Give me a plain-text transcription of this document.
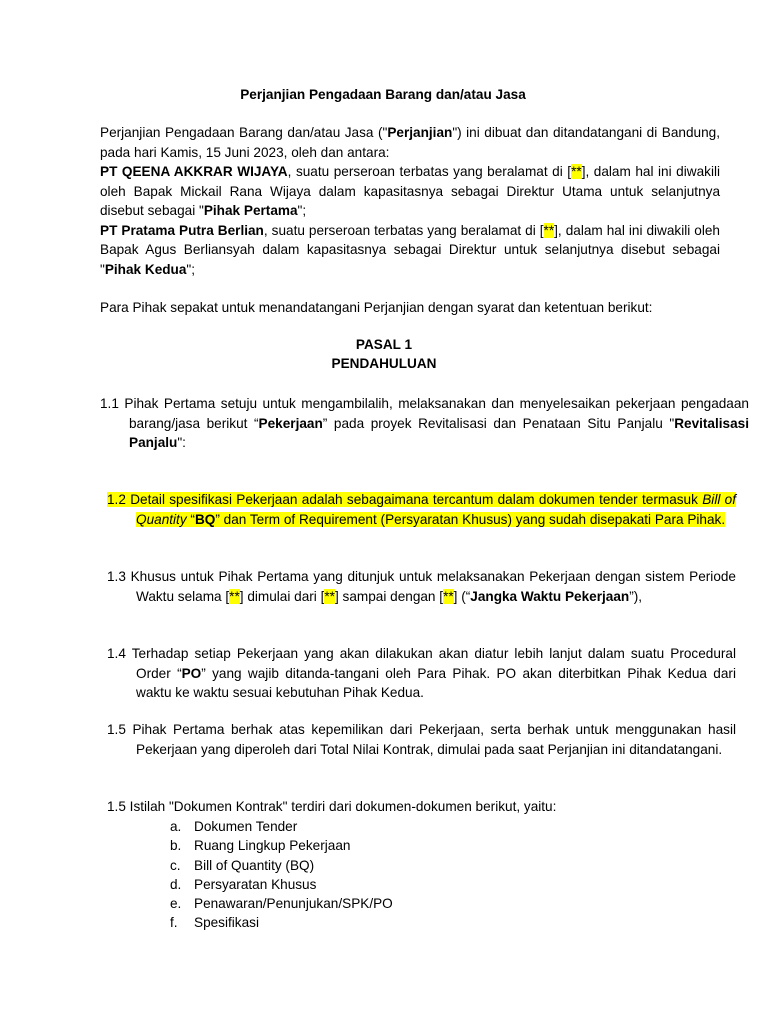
Perjanjian Pengadaan Barang dan/atau Jasa
Perjanjian Pengadaan Barang dan/atau Jasa ("Perjanjian") ini dibuat dan ditandatangani di Bandung, pada hari Kamis, 15 Juni 2023, oleh dan antara:
PT QEENA AKKRAR WIJAYA, suatu perseroan terbatas yang beralamat di [**], dalam hal ini diwakili oleh Bapak Mickail Rana Wijaya dalam kapasitasnya sebagai Direktur Utama untuk selanjutnya disebut sebagai "Pihak Pertama";
PT Pratama Putra Berlian, suatu perseroan terbatas yang beralamat di [**], dalam hal ini diwakili oleh Bapak Agus Berliansyah dalam kapasitasnya sebagai Direktur untuk selanjutnya disebut sebagai "Pihak Kedua";
Para Pihak sepakat untuk menandatangani Perjanjian dengan syarat dan ketentuan berikut:
PASAL 1
PENDAHULUAN
1.1 Pihak Pertama setuju untuk mengambilalih, melaksanakan dan menyelesaikan pekerjaan pengadaan barang/jasa berikut “Pekerjaan” pada proyek Revitalisasi dan Penataan Situ Panjalu "Revitalisasi Panjalu":
1.2 Detail spesifikasi Pekerjaan adalah sebagaimana tercantum dalam dokumen tender termasuk Bill of Quantity “BQ” dan Term of Requirement (Persyaratan Khusus) yang sudah disepakati Para Pihak.
1.3 Khusus untuk Pihak Pertama yang ditunjuk untuk melaksanakan Pekerjaan dengan sistem Periode Waktu selama [**] dimulai dari [**] sampai dengan [**] (“Jangka Waktu Pekerjaan”),
1.4 Terhadap setiap Pekerjaan yang akan dilakukan akan diatur lebih lanjut dalam suatu Procedural Order “PO” yang wajib ditanda-tangani oleh Para Pihak. PO akan diterbitkan Pihak Kedua dari waktu ke waktu sesuai kebutuhan Pihak Kedua.
1.5 Pihak Pertama berhak atas kepemilikan dari Pekerjaan, serta berhak untuk menggunakan hasil Pekerjaan yang diperoleh dari Total Nilai Kontrak, dimulai pada saat Perjanjian ini ditandatangani.
1.5 Istilah "Dokumen Kontrak" terdiri dari dokumen-dokumen berikut, yaitu:
a. Dokumen Tender
b. Ruang Lingkup Pekerjaan
c. Bill of Quantity (BQ)
d. Persyaratan Khusus
e. Penawaran/Penunjukan/SPK/PO
f.	Spesifikasi
